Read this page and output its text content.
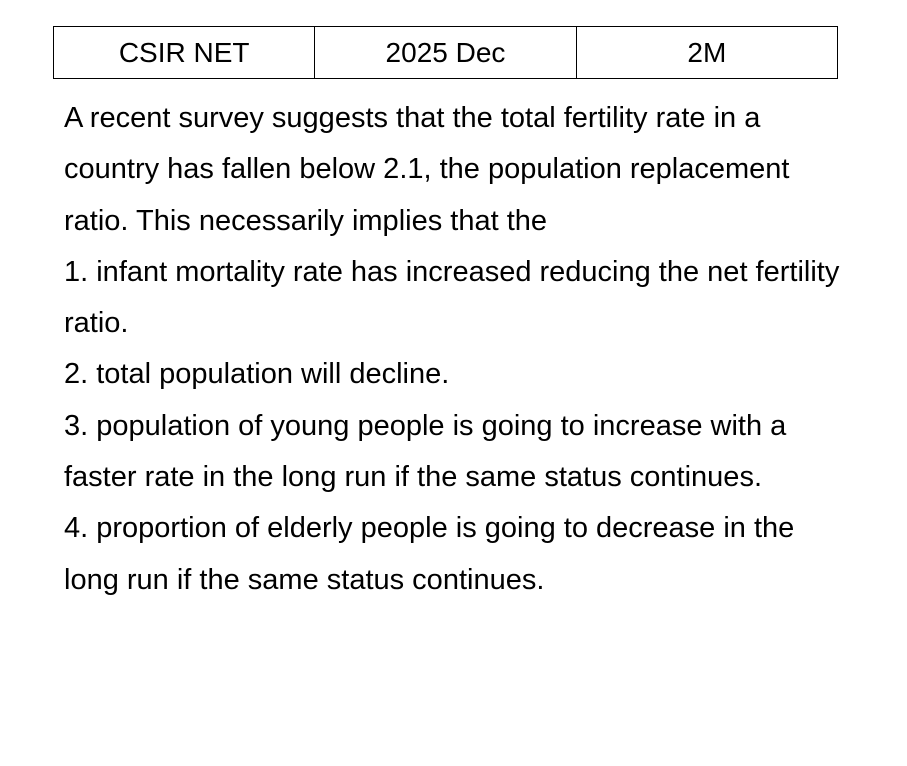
CSIR NET	2025 Dec	2M

A recent survey suggests that the total fertility rate in a country has fallen below 2.1, the population replacement ratio. This necessarily implies that the

1. infant mortality rate has increased reducing the net fertility ratio.

2. total population will decline.

3. population of young people is going to increase with a faster rate in the long run if the same status continues.

4. proportion of elderly people is going to decrease in the long run if the same status continues.
